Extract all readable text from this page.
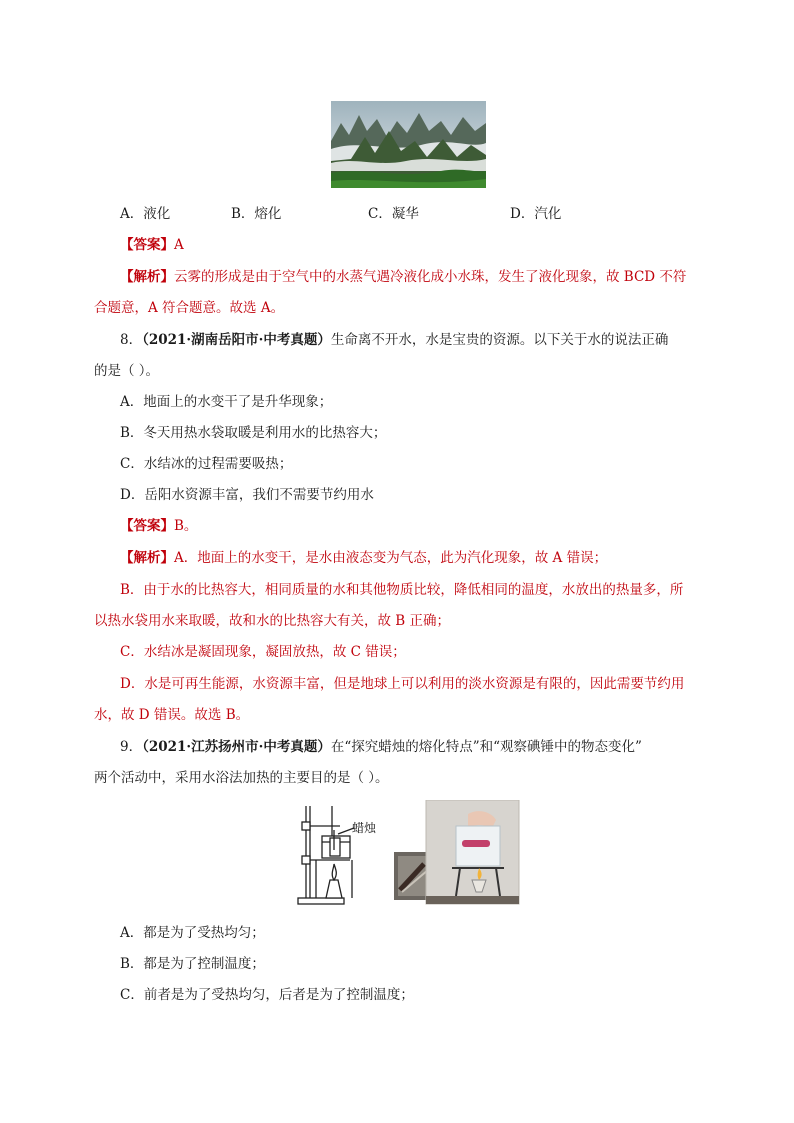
A．液化	B．熔化	C．凝华	D．汽化
【答案】A
【解析】云雾的形成是由于空气中的水蒸气遇冷液化成小水珠，发生了液化现象，故 BCD 不符
合题意，A 符合题意。故选 A。
8．（2021·湖南岳阳市·中考真题）生命离不开水，水是宝贵的资源。以下关于水的说法正确
的是（ ）。
A．地面上的水变干了是升华现象；
B．冬天用热水袋取暖是利用水的比热容大；
C．水结冰的过程需要吸热；
D．岳阳水资源丰富，我们不需要节约用水
【答案】B。
【解析】A．地面上的水变干，是水由液态变为气态，此为汽化现象，故 A 错误；
B．由于水的比热容大，相同质量的水和其他物质比较，降低相同的温度，水放出的热量多，所
以热水袋用水来取暖，故和水的比热容大有关，故 B 正确；
C．水结冰是凝固现象，凝固放热，故 C 错误；
D．水是可再生能源，水资源丰富，但是地球上可以利用的淡水资源是有限的，因此需要节约用
水，故 D 错误。故选 B。
9．（2021·江苏扬州市·中考真题）在“探究蜡烛的熔化特点”和“观察碘锤中的物态变化”
两个活动中，采用水浴法加热的主要目的是（ ）。
蜡烛
A．都是为了受热均匀；
B．都是为了控制温度；
C．前者是为了受热均匀，后者是为了控制温度；
